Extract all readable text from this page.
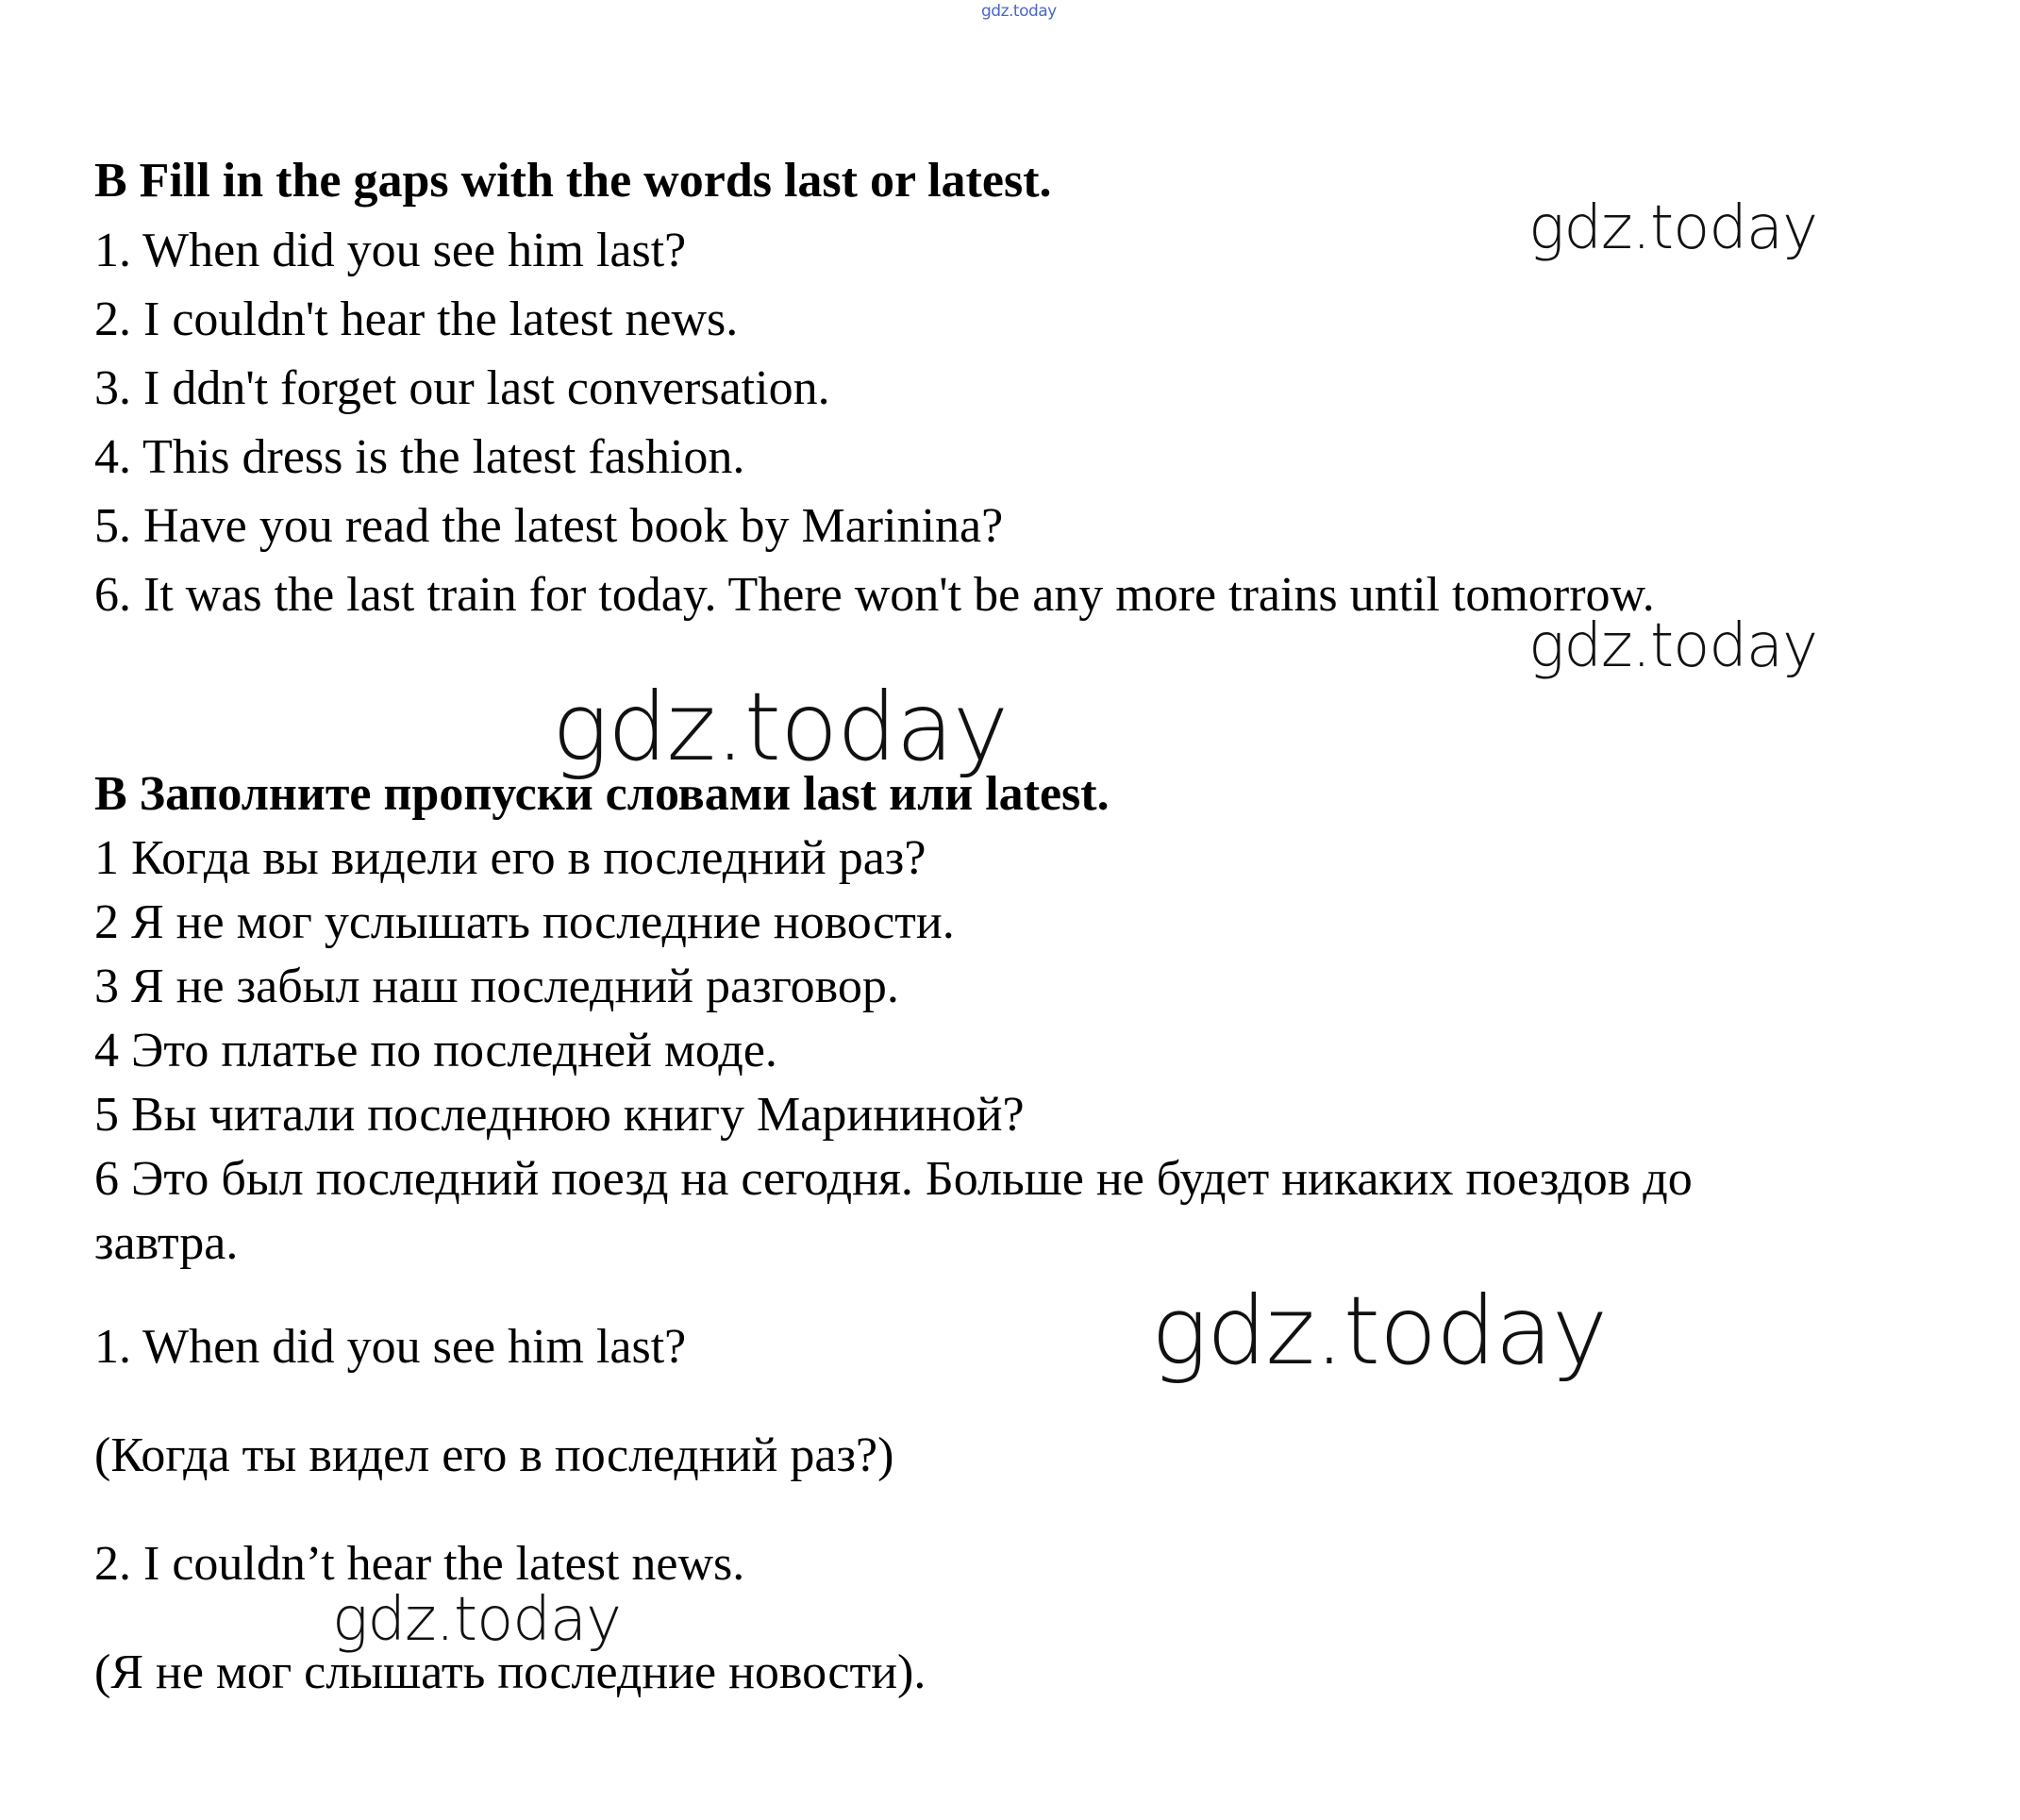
gdz.today
B Fill in the gaps with the words last or latest.
1. When did you see him last?
2. I couldn't hear the latest news.
3. I ddn't forget our last conversation.
4. This dress is the latest fashion.
5. Have you read the latest book by Marinina?
6. It was the last train for today. There won't be any more trains until tomorrow.
В Заполните пропуски словами last или latest.
1 Когда вы видели его в последний раз?
2 Я не мог услышать последние новости.
3 Я не забыл наш последний разговор.
4 Это платье по последней моде.
5 Вы читали последнюю книгу Марининой?
6 Это был последний поезд на сегодня. Больше не будет никаких поездов до
завтра.
1. When did you see him last?
(Когда ты видел его в последний раз?)
2. I couldn’t hear the latest news.
(Я не мог слышать последние новости).
gdz.today
gdz.today
gdz.today
gdz.today
gdz.today
